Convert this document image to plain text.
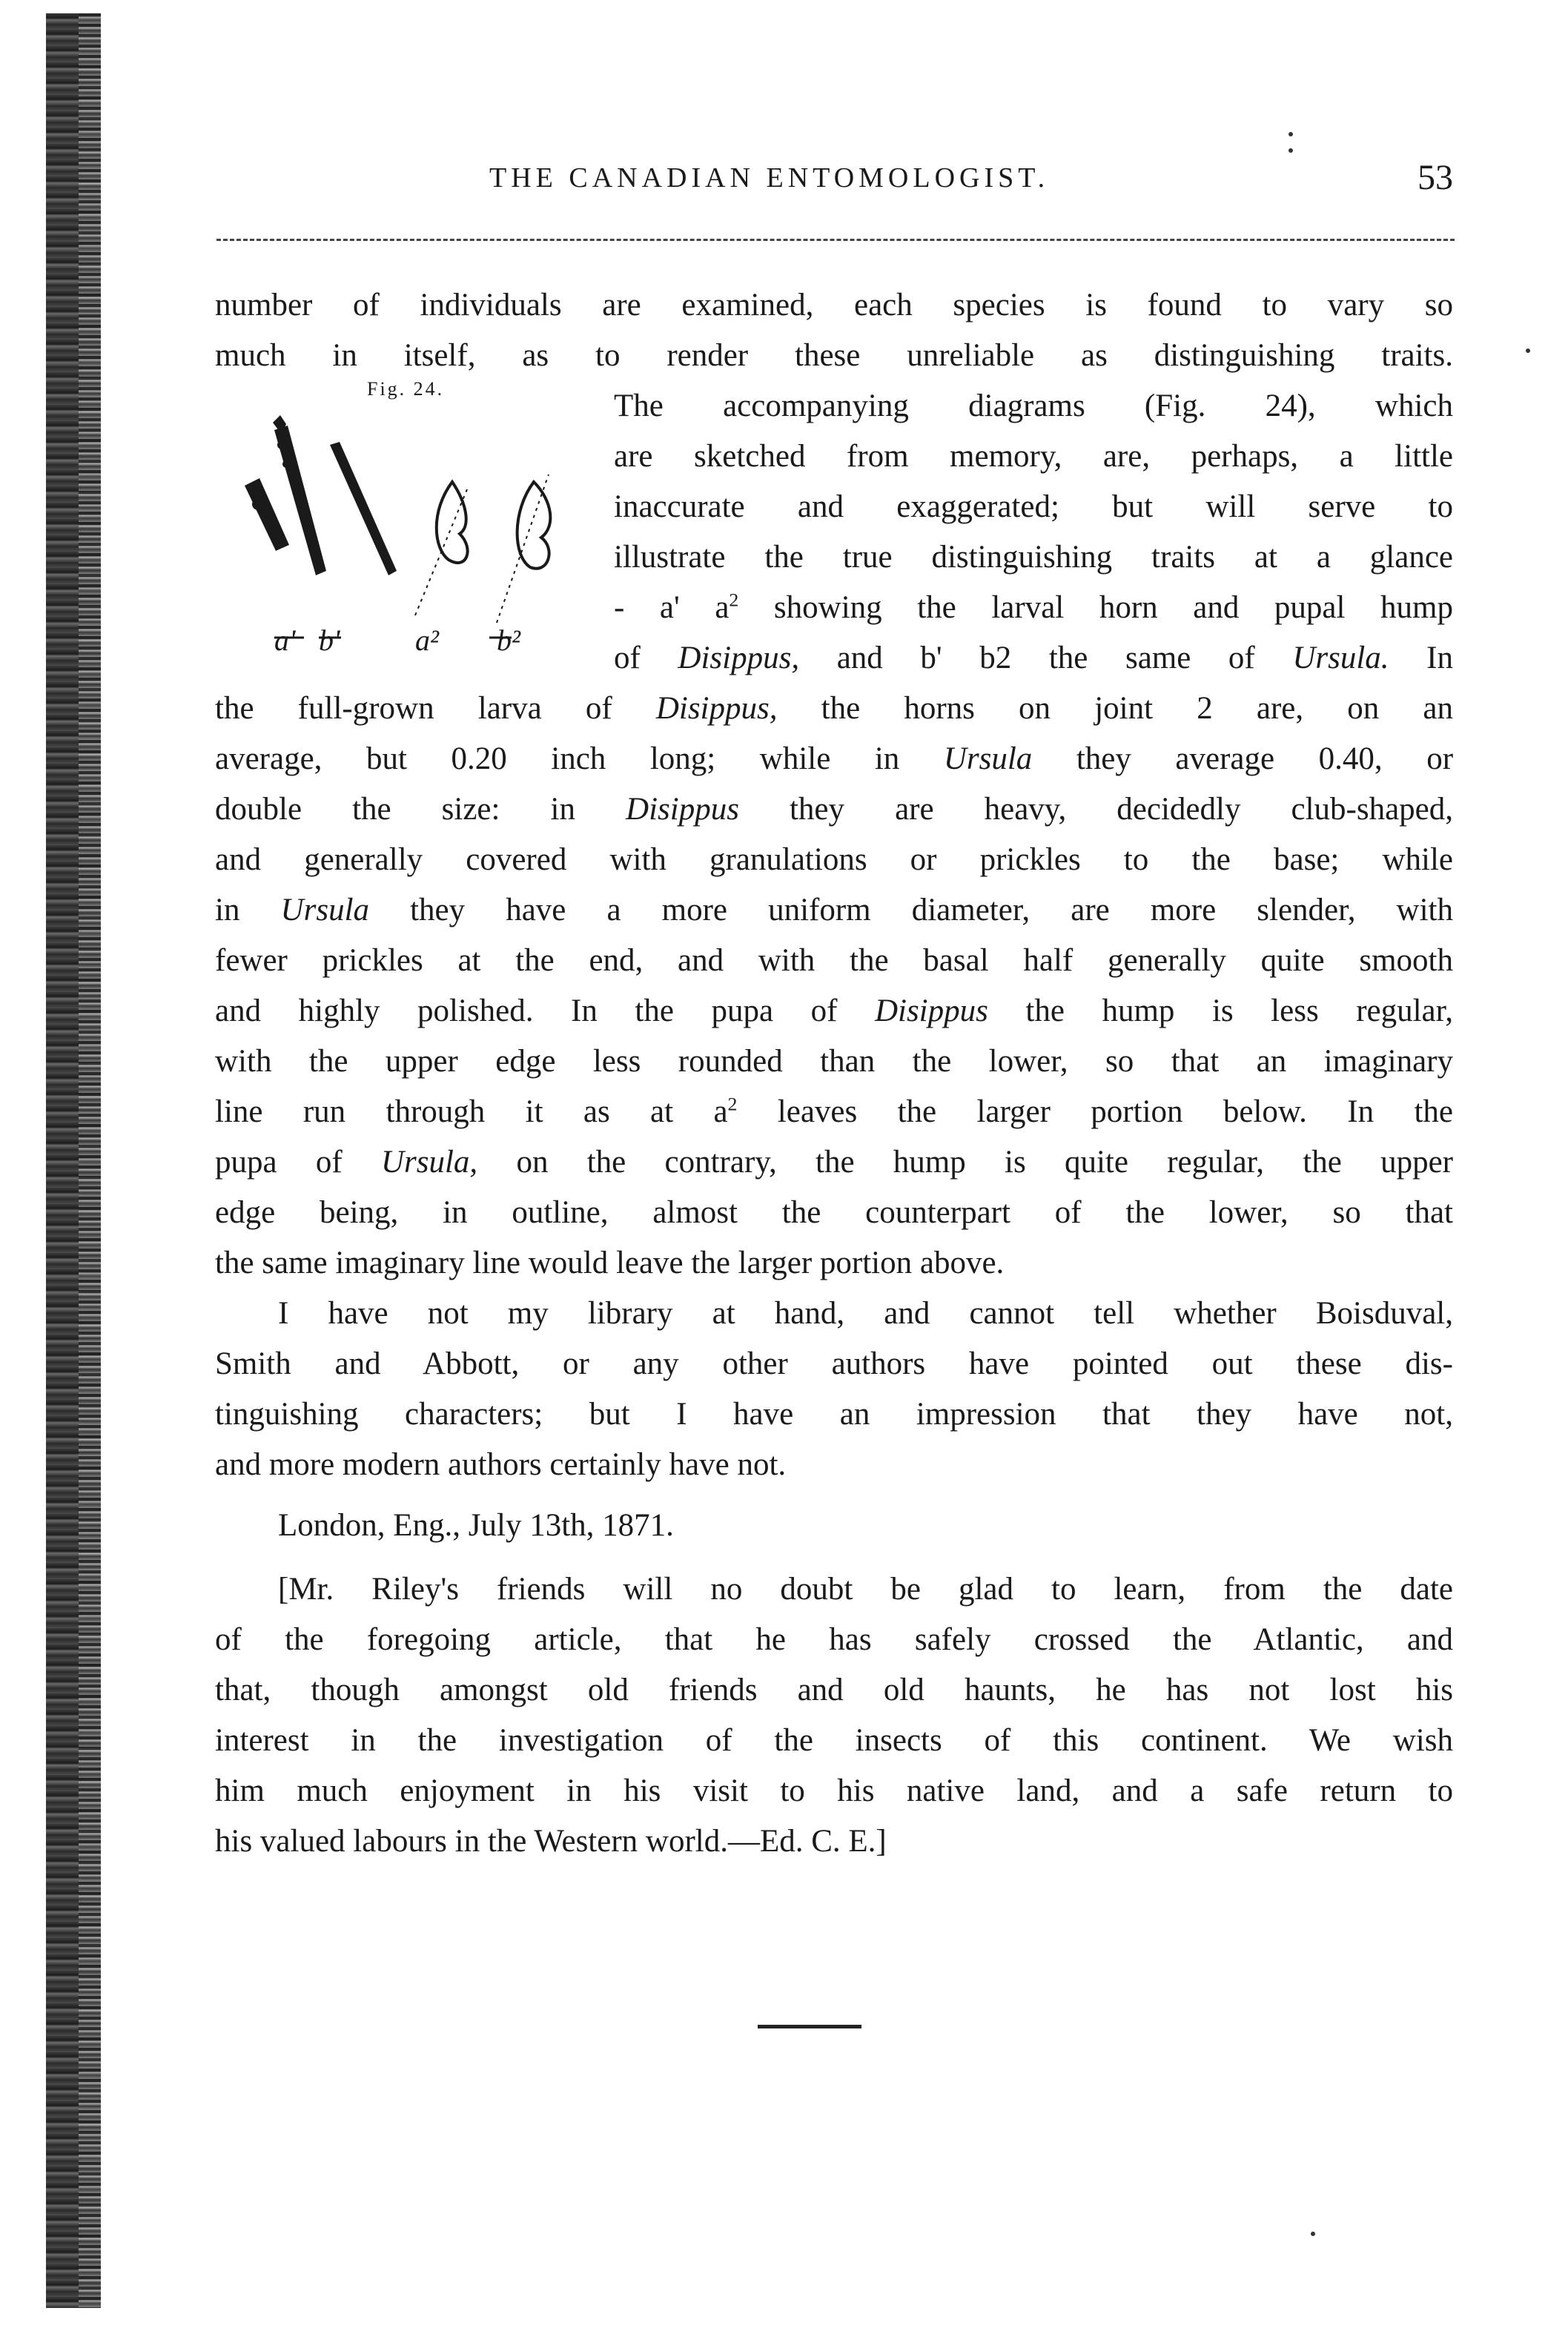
THE CANADIAN ENTOMOLOGIST.	53
Fig. 24.
a' b'	a² b²
number of individuals are examined, each species is found to vary so
much in itself, as to render these unreliable as distinguishing traits.
The accompanying diagrams (Fig. 24), which
are sketched from memory, are, perhaps, a little
inaccurate and exaggerated; but will serve to
illustrate the true distinguishing traits at a glance
- a' $a^2$ showing the larval horn and pupal hump
of Disippus, and b' b2 the same of Ursula. In
the full-grown larva of Disippus, the horns on joint 2 are, on an
average, but 0.20 inch long; while in Ursula they average 0.40, or
double the size: in Disippus they are heavy, decidedly club-shaped,
and generally covered with granulations or prickles to the base; while
in Ursula they have a more uniform diameter, are more slender, with
fewer prickles at the end, and with the basal half generally quite smooth
and highly polished. In the pupa of Disippus the hump is less regular,
with the upper edge less rounded than the lower, so that an imaginary
line run through it as at $a^2$ leaves the larger portion below. In the
pupa of Ursula, on the contrary, the hump is quite regular, the upper
edge being, in outline, almost the counterpart of the lower, so that
the same imaginary line would leave the larger portion above.
I have not my library at hand, and cannot tell whether Boisduval,
Smith and Abbott, or any other authors have pointed out these dis-
tinguishing characters; but I have an impression that they have not,
and more modern authors certainly have not.
London, Eng., July 13th, 1871.
[Mr. Riley's friends will no doubt be glad to learn, from the date
of the foregoing article, that he has safely crossed the Atlantic, and
that, though amongst old friends and old haunts, he has not lost his
interest in the investigation of the insects of this continent. We wish
him much enjoyment in his visit to his native land, and a safe return to
his valued labours in the Western world.—Ed. C. E.]
